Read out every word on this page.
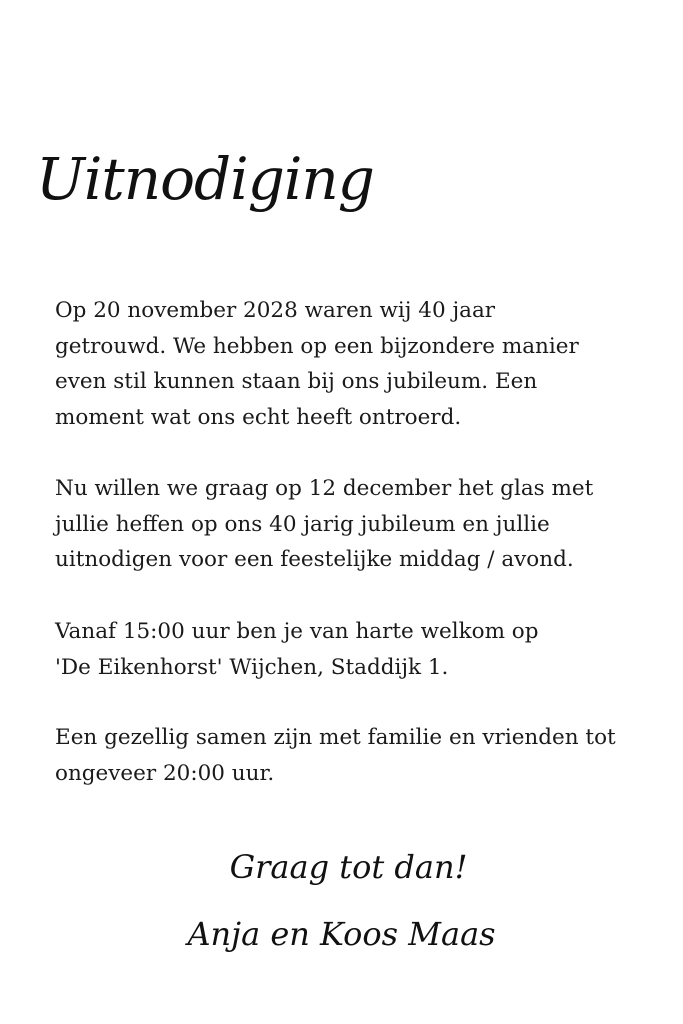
Uitnodiging

Op 20 november 2028 waren wij 40 jaar
getrouwd. We hebben op een bijzondere manier
even stil kunnen staan bij ons jubileum. Een
moment wat ons echt heeft ontroerd.

Nu willen we graag op 12 december het glas met
jullie heffen op ons 40 jarig jubileum en jullie
uitnodigen voor een feestelijke middag / avond.

Vanaf 15:00 uur ben je van harte welkom op
'De Eikenhorst' Wijchen, Staddijk 1.

Een gezellig samen zijn met familie en vrienden tot
ongeveer 20:00 uur.

Graag tot dan!
Anja en Koos Maas
